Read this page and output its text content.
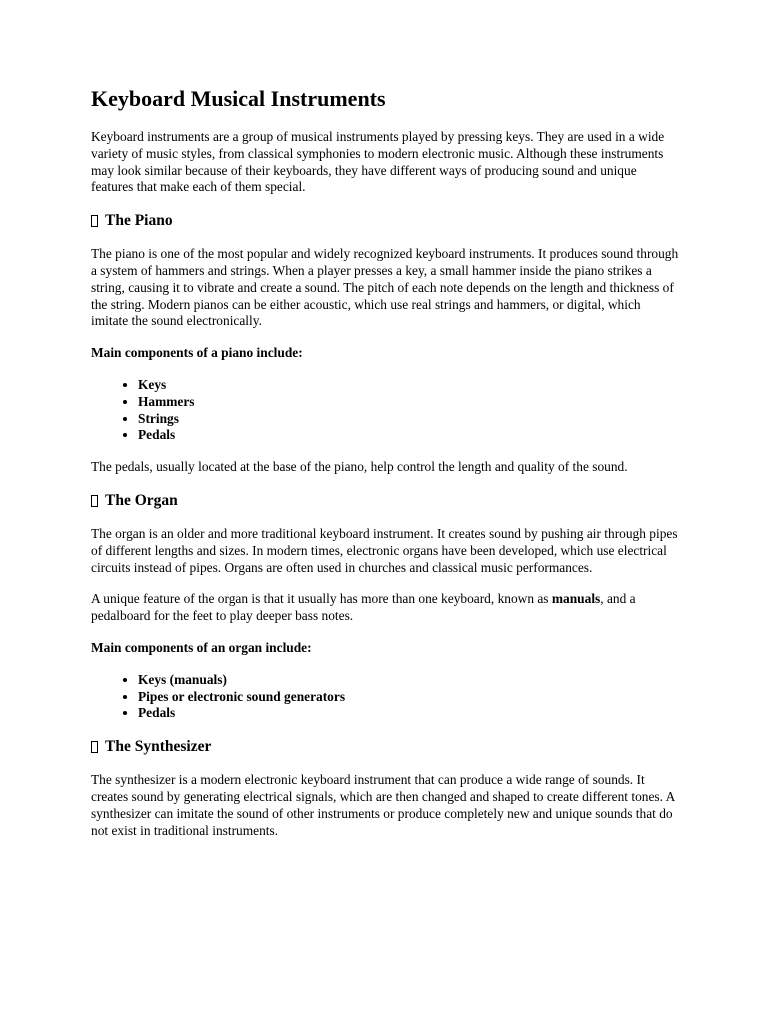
Keyboard Musical Instruments

Keyboard instruments are a group of musical instruments played by pressing keys. They are used in a wide variety of music styles, from classical symphonies to modern electronic music. Although these instruments may look similar because of their keyboards, they have different ways of producing sound and unique features that make each of them special.

The Piano

The piano is one of the most popular and widely recognized keyboard instruments. It produces sound through a system of hammers and strings. When a player presses a key, a small hammer inside the piano strikes a string, causing it to vibrate and create a sound. The pitch of each note depends on the length and thickness of the string. Modern pianos can be either acoustic, which use real strings and hammers, or digital, which imitate the sound electronically.

Main components of a piano include:

• Keys
• Hammers
• Strings
• Pedals

The pedals, usually located at the base of the piano, help control the length and quality of the sound.

The Organ

The organ is an older and more traditional keyboard instrument. It creates sound by pushing air through pipes of different lengths and sizes. In modern times, electronic organs have been developed, which use electrical circuits instead of pipes. Organs are often used in churches and classical music performances.

A unique feature of the organ is that it usually has more than one keyboard, known as manuals, and a pedalboard for the feet to play deeper bass notes.

Main components of an organ include:

• Keys (manuals)
• Pipes or electronic sound generators
• Pedals
The Synthesizer

The synthesizer is a modern electronic keyboard instrument that can produce a wide range of sounds. It creates sound by generating electrical signals, which are then changed and shaped to create different tones. A synthesizer can imitate the sound of other instruments or produce completely new and unique sounds that do not exist in traditional instruments.
